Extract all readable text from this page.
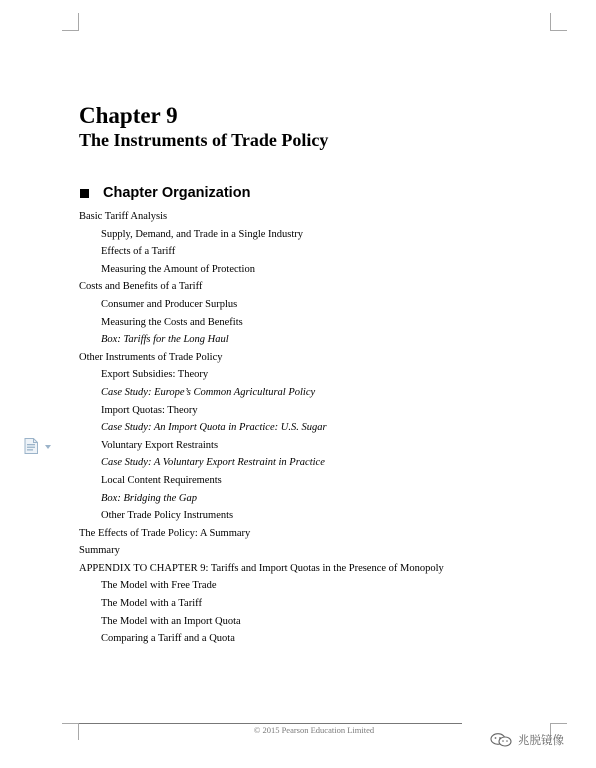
Chapter 9
The Instruments of Trade Policy
Chapter Organization
Basic Tariff Analysis
Supply, Demand, and Trade in a Single Industry
Effects of a Tariff
Measuring the Amount of Protection
Costs and Benefits of a Tariff
Consumer and Producer Surplus
Measuring the Costs and Benefits
Box: Tariffs for the Long Haul
Other Instruments of Trade Policy
Export Subsidies: Theory
Case Study: Europe’s Common Agricultural Policy
Import Quotas: Theory
Case Study: An Import Quota in Practice: U.S. Sugar
Voluntary Export Restraints
Case Study: A Voluntary Export Restraint in Practice
Local Content Requirements
Box: Bridging the Gap
Other Trade Policy Instruments
The Effects of Trade Policy: A Summary
Summary
APPENDIX TO CHAPTER 9: Tariffs and Import Quotas in the Presence of Monopoly
The Model with Free Trade
The Model with a Tariff
The Model with an Import Quota
Comparing a Tariff and a Quota
© 2015 Pearson Education Limited
兆脱镜像
